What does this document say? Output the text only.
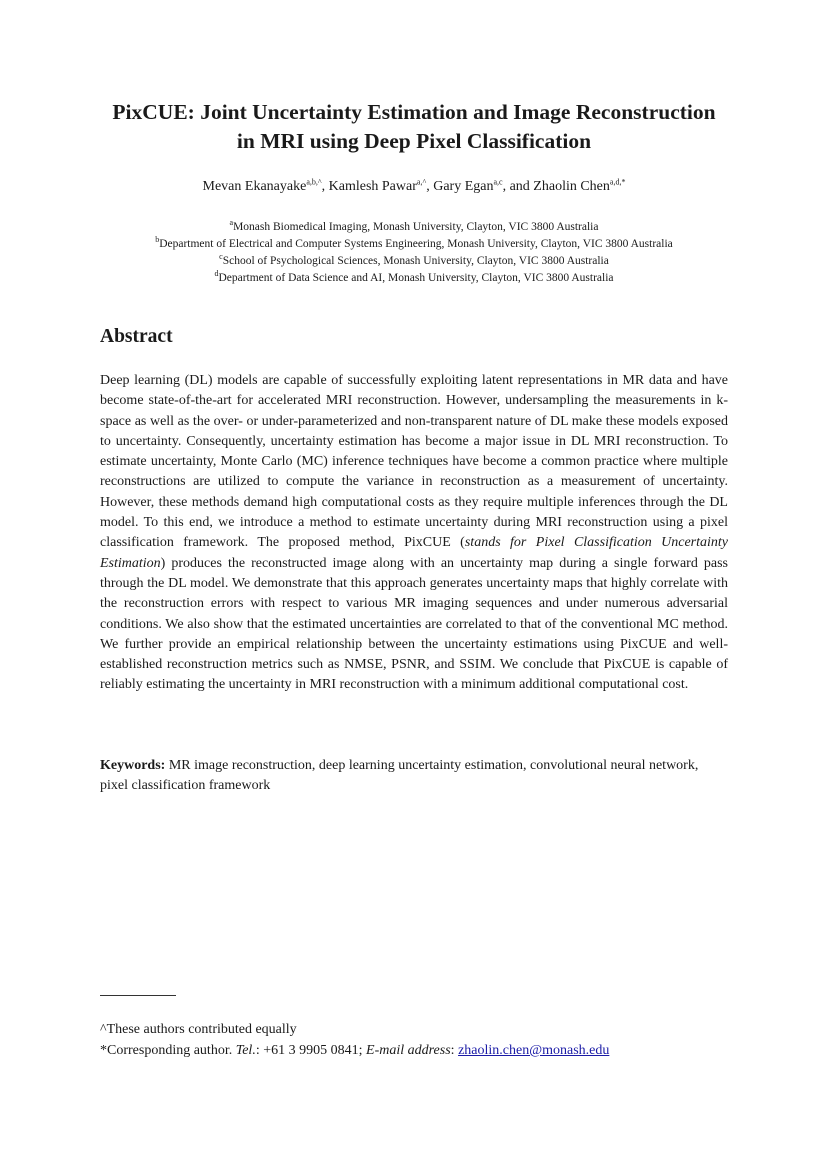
PixCUE: Joint Uncertainty Estimation and Image Reconstruction
in MRI using Deep Pixel Classification
Mevan Ekanayake$^{a,b,\^{}}$, Kamlesh Pawar$^{a,\^{}}$, Gary Egan$^{a,c}$, and Zhaolin Chen$^{a,d,*}$
$^a$Monash Biomedical Imaging, Monash University, Clayton, VIC 3800 Australia
$^b$Department of Electrical and Computer Systems Engineering, Monash University, Clayton, VIC 3800 Australia
$^c$School of Psychological Sciences, Monash University, Clayton, VIC 3800 Australia
$^d$Department of Data Science and AI, Monash University, Clayton, VIC 3800 Australia
Abstract
Deep learning (DL) models are capable of successfully exploiting latent representations in MR data and have become state-of-the-art for accelerated MRI reconstruction. However, undersampling the measurements in k-space as well as the over- or under-parameterized and non-transparent nature of DL make these models exposed to uncertainty. Consequently, uncertainty estimation has become a major issue in DL MRI reconstruction. To estimate uncertainty, Monte Carlo (MC) inference techniques have become a common practice where multiple reconstructions are utilized to compute the variance in reconstruction as a measurement of uncertainty. However, these methods demand high computational costs as they require multiple inferences through the DL model. To this end, we introduce a method to estimate uncertainty during MRI reconstruction using a pixel classification framework. The proposed method, PixCUE (stands for Pixel Classification Uncertainty Estimation) produces the reconstructed image along with an uncertainty map during a single forward pass through the DL model. We demonstrate that this approach generates uncertainty maps that highly correlate with the reconstruction errors with respect to various MR imaging sequences and under numerous adversarial conditions. We also show that the estimated uncertainties are correlated to that of the conventional MC method. We further provide an empirical relationship between the uncertainty estimations using PixCUE and well-established reconstruction metrics such as NMSE, PSNR, and SSIM. We conclude that PixCUE is capable of reliably estimating the uncertainty in MRI reconstruction with a minimum additional computational cost.
Keywords: MR image reconstruction, deep learning uncertainty estimation, convolutional neural network, pixel classification framework
^These authors contributed equally
*Corresponding author. Tel.: +61 3 9905 0841; E-mail address: zhaolin.chen@monash.edu
